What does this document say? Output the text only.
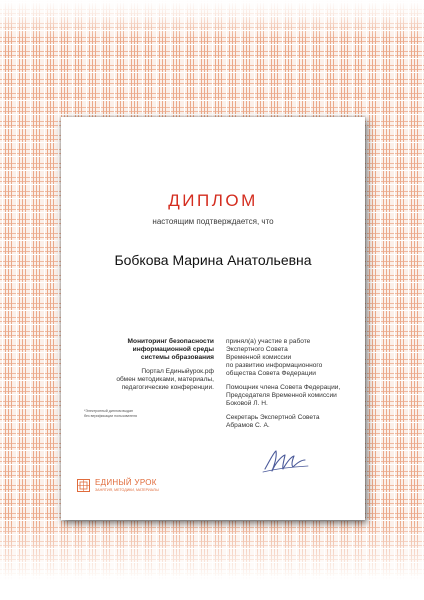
ДИПЛОМ
настоящим подтверждается, что
Бобкова Марина Анатольевна
Мониторинг безопасности
информационной среды
системы образования
Портал Единыйурок.рф
обмен методиками, материалы,
педагогические конференции.
*Электронный диплом выдан
без верификации пользователя
принял(а) участие в работе
Экспертного Совета
Временной комиссии
по развитию информационного
общества Совета Федерации
Помощник члена Совета Федерации,
Председателя Временной комиссии
Боковой Л. Н.
Секретарь Экспертной Совета
Абрамов С. А.
ЕДИНЫЙ УРОК
ЗАНЯТИЯ, МЕТОДИКИ, МАТЕРИАЛЫ
